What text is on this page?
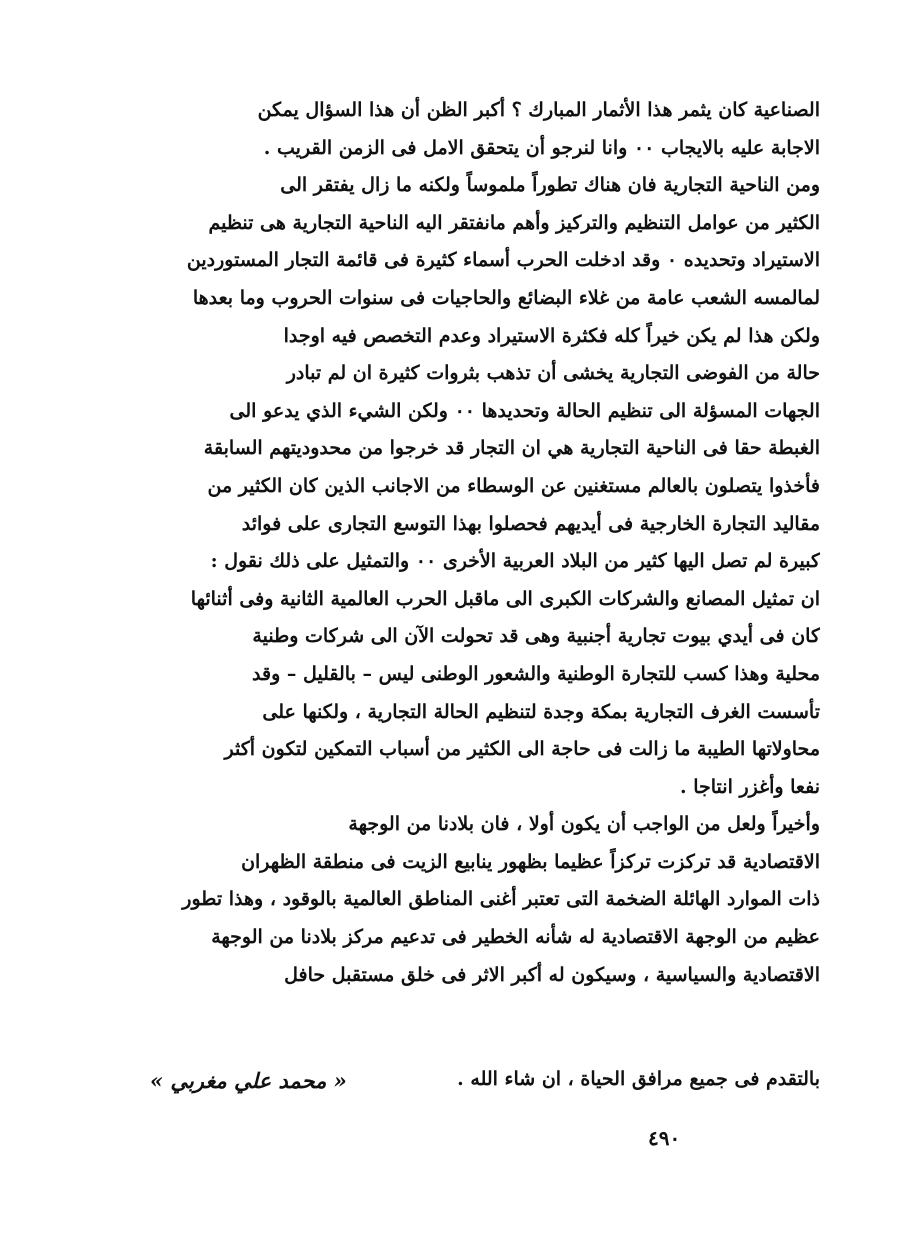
الصناعية كان يثمر هذا الأثمار المبارك ؟ أكبر الظن أن هذا السؤال يمكن
الاجابة عليه بالايجاب ٠٠ وانا لنرجو أن يتحقق الامل فى الزمن القريب .
ومن الناحية التجارية فان هناك تطوراً ملموساً ولكنه ما زال يفتقر الى
الكثير من عوامل التنظيم والتركيز وأهم مانفتقر اليه الناحية التجارية هى تنظيم
الاستيراد وتحديده ٠ وقد ادخلت الحرب أسماء كثيرة فى قائمة التجار المستوردين
لمالمسه الشعب عامة من غلاء البضائع والحاجيات فى سنوات الحروب وما بعدها
ولكن هذا لم يكن خيراً كله فكثرة الاستيراد وعدم التخصص فيه اوجدا
حالة من الفوضى التجارية يخشى أن تذهب بثروات كثيرة ان لم تبادر
الجهات المسؤلة الى تنظيم الحالة وتحديدها ٠٠ ولكن الشيء الذي يدعو الى
الغبطة حقا فى الناحية التجارية هي ان التجار قد خرجوا من محدوديتهم السابقة
فأخذوا يتصلون بالعالم مستغنين عن الوسطاء من الاجانب الذين كان الكثير من
مقاليد التجارة الخارجية فى أيديهم فحصلوا بهذا التوسع التجارى على فوائد
كبيرة لم تصل اليها كثير من البلاد العربية الأخرى ٠٠ والتمثيل على ذلك نقول :
ان تمثيل المصانع والشركات الكبرى الى ماقبل الحرب العالمية الثانية وفى أثنائها
كان فى أيدي بيوت تجارية أجنبية وهى قد تحولت الآن الى شركات وطنية
محلية وهذا كسب للتجارة الوطنية والشعور الوطنى ليس – بالقليل – وقد
تأسست الغرف التجارية بمكة وجدة لتنظيم الحالة التجارية ، ولكنها على
محاولاتها الطيبة ما زالت فى حاجة الى الكثير من أسباب التمكين لتكون أكثر
نفعا وأغزر انتاجا .
وأخيراً ولعل من الواجب أن يكون أولا ، فان بلادنا من الوجهة
الاقتصادية قد تركزت تركزاً عظيما بظهور ينابيع الزيت فى منطقة الظهران
ذات الموارد الهائلة الضخمة التى تعتبر أغنى المناطق العالمية بالوقود ، وهذا تطور
عظيم من الوجهة الاقتصادية له شأنه الخطير فى تدعيم مركز بلادنا من الوجهة
الاقتصادية والسياسية ، وسيكون له أكبر الاثر فى خلق مستقبل حافل
بالتقدم فى جميع مرافق الحياة ، ان شاء الله .
« محمد علي مغربي »
٤٩٠
